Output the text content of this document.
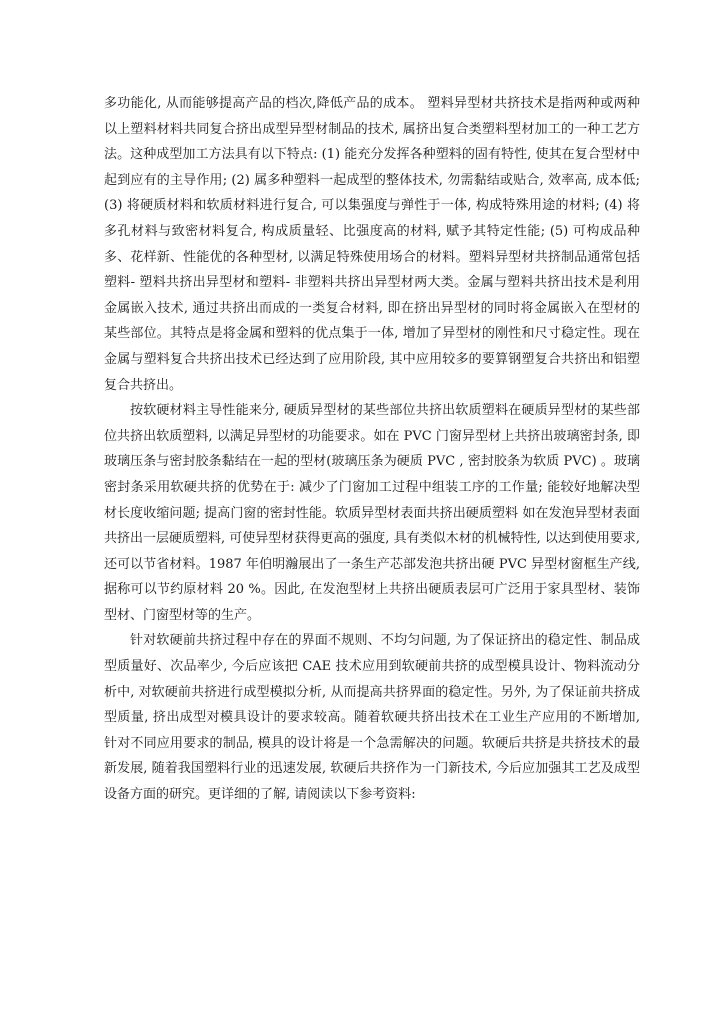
多功能化, 从而能够提高产品的档次,降低产品的成本。 塑料异型材共挤技术是指两种或两种以上塑料材料共同复合挤出成型异型材制品的技术, 属挤出复合类塑料型材加工的一种工艺方法。这种成型加工方法具有以下特点: (1) 能充分发挥各种塑料的固有特性, 使其在复合型材中起到应有的主导作用; (2) 属多种塑料一起成型的整体技术, 勿需黏结或贴合, 效率高, 成本低; (3) 将硬质材料和软质材料进行复合, 可以集强度与弹性于一体, 构成特殊用途的材料; (4) 将多孔材料与致密材料复合, 构成质量轻、比强度高的材料, 赋予其特定性能; (5) 可构成品种多、花样新、性能优的各种型材, 以满足特殊使用场合的材料。塑料异型材共挤制品通常包括塑料- 塑料共挤出异型材和塑料- 非塑料共挤出异型材两大类。金属与塑料共挤出技术是利用金属嵌入技术, 通过共挤出而成的一类复合材料, 即在挤出异型材的同时将金属嵌入在型材的某些部位。其特点是将金属和塑料的优点集于一体, 增加了异型材的刚性和尺寸稳定性。现在金属与塑料复合共挤出技术已经达到了应用阶段, 其中应用较多的要算钢塑复合共挤出和铝塑复合共挤出。

按软硬材料主导性能来分, 硬质异型材的某些部位共挤出软质塑料在硬质异型材的某些部位共挤出软质塑料, 以满足异型材的功能要求。如在 PVC 门窗异型材上共挤出玻璃密封条, 即玻璃压条与密封胶条黏结在一起的型材(玻璃压条为硬质 PVC , 密封胶条为软质 PVC) 。玻璃密封条采用软硬共挤的优势在于: 减少了门窗加工过程中组装工序的工作量; 能较好地解决型材长度收缩问题; 提高门窗的密封性能。软质异型材表面共挤出硬质塑料 如在发泡异型材表面共挤出一层硬质塑料, 可使异型材获得更高的强度, 具有类似木材的机械特性, 以达到使用要求, 还可以节省材料。1987 年伯明瀚展出了一条生产芯部发泡共挤出硬 PVC 异型材窗框生产线, 据称可以节约原材料 20 %。因此, 在发泡型材上共挤出硬质表层可广泛用于家具型材、装饰型材、门窗型材等的生产。

针对软硬前共挤过程中存在的界面不规则、不均匀问题, 为了保证挤出的稳定性、制品成型质量好、次品率少, 今后应该把 CAE 技术应用到软硬前共挤的成型模具设计、物料流动分析中, 对软硬前共挤进行成型模拟分析, 从而提高共挤界面的稳定性。另外, 为了保证前共挤成型质量, 挤出成型对模具设计的要求较高。随着软硬共挤出技术在工业生产应用的不断增加, 针对不同应用要求的制品, 模具的设计将是一个急需解决的问题。软硬后共挤是共挤技术的最新发展, 随着我国塑料行业的迅速发展, 软硬后共挤作为一门新技术, 今后应加强其工艺及成型设备方面的研究。更详细的了解, 请阅读以下参考资料:
